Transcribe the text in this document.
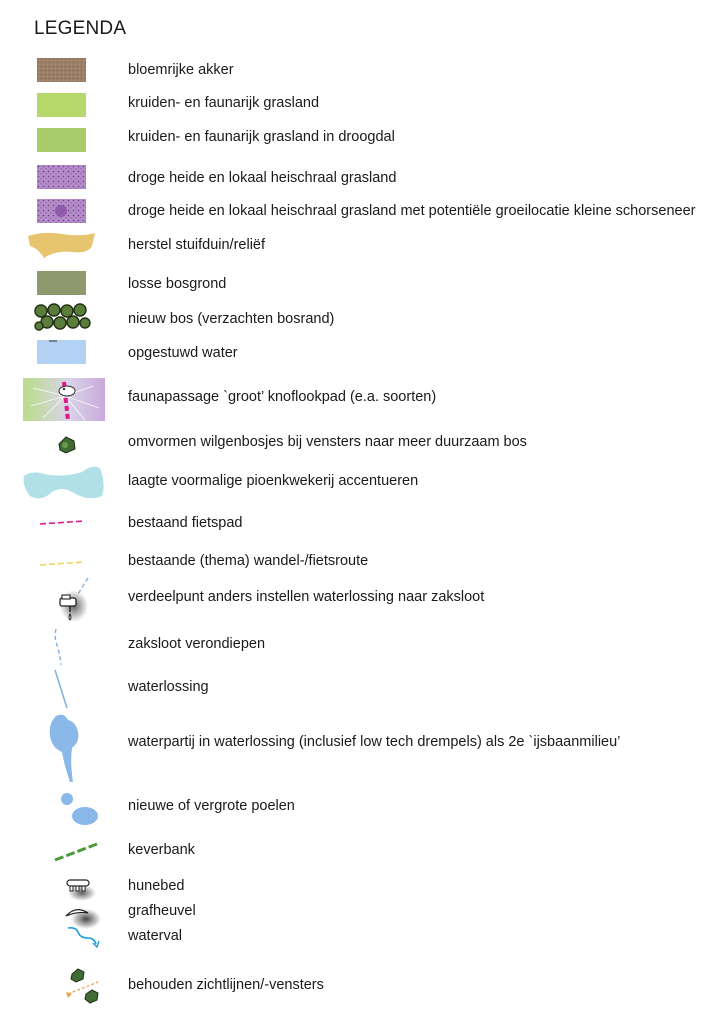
LEGENDA
bloemrijke akker
kruiden- en faunarijk grasland
kruiden- en faunarijk grasland in droogdal
droge heide en lokaal heischraal grasland
droge heide en lokaal heischraal grasland met potentiële groeilocatie kleine schorseneer
herstel stuifduin/reliëf
losse bosgrond
nieuw bos (verzachten bosrand)
opgestuwd water
faunapassage `groot’ knoflookpad (e.a. soorten)
omvormen wilgenbosjes bij vensters naar meer duurzaam bos
laagte voormalige pioenkwekerij accentueren
bestaand fietspad
bestaande (thema) wandel-/fietsroute
verdeelpunt anders instellen waterlossing naar zaksloot
zaksloot verondiepen
waterlossing
waterpartij in waterlossing (inclusief low tech drempels) als 2e `ijsbaanmilieu’
nieuwe of vergrote poelen
keverbank
hunebed
grafheuvel
waterval
behouden zichtlijnen/-vensters
